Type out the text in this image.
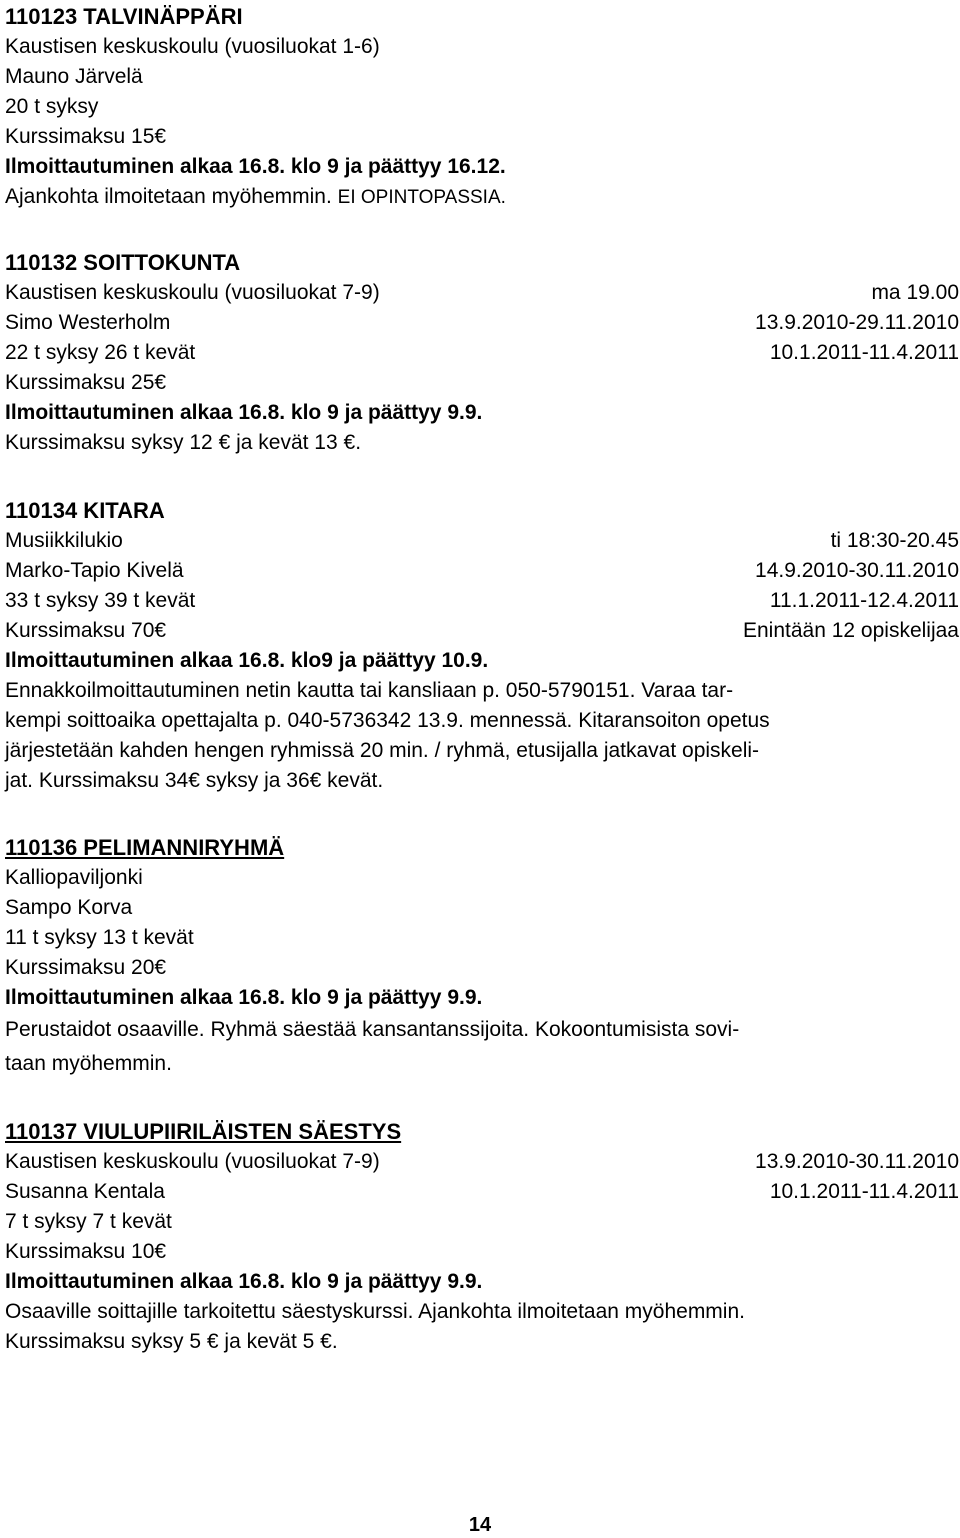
110123 TALVINÄPPÄRI
Kaustisen keskuskoulu (vuosiluokat 1-6)
Mauno Järvelä
20 t syksy
Kurssimaksu 15€
Ilmoittautuminen alkaa 16.8. klo 9 ja päättyy 16.12.
Ajankohta ilmoitetaan myöhemmin. EI OPINTOPASSIA.
110132 SOITTOKUNTA
Kaustisen keskuskoulu (vuosiluokat 7-9)	ma 19.00
Simo Westerholm	13.9.2010-29.11.2010
22 t syksy 26 t kevät	10.1.2011-11.4.2011
Kurssimaksu 25€
Ilmoittautuminen alkaa 16.8. klo 9 ja päättyy 9.9.
Kurssimaksu syksy 12 € ja kevät 13 €.
110134 KITARA
Musiikkilukio	ti 18:30-20.45
Marko-Tapio Kivelä	14.9.2010-30.11.2010
33 t syksy 39 t kevät	11.1.2011-12.4.2011
Kurssimaksu 70€	Enintään 12 opiskelijaa
Ilmoittautuminen alkaa 16.8. klo9 ja päättyy 10.9.
Ennakkoilmoittautuminen netin kautta tai kansliaan p. 050-5790151. Varaa tar-
kempi soittoaika opettajalta p. 040-5736342 13.9. mennessä. Kitaransoiton opetus
järjestetään kahden hengen ryhmissä 20 min. / ryhmä, etusijalla jatkavat opiskeli-
jat. Kurssimaksu 34€ syksy ja 36€ kevät.
110136 PELIMANNIRYHMÄ
Kalliopaviljonki
Sampo Korva
11 t syksy 13 t kevät
Kurssimaksu 20€
Ilmoittautuminen alkaa 16.8. klo 9 ja päättyy 9.9.
Perustaidot osaaville. Ryhmä säestää kansantanssijoita. Kokoontumisista sovi-
taan myöhemmin.
110137 VIULUPIIRILÄISTEN SÄESTYS
Kaustisen keskuskoulu (vuosiluokat 7-9)	13.9.2010-30.11.2010
Susanna Kentala	10.1.2011-11.4.2011
7 t syksy 7 t kevät
Kurssimaksu 10€
Ilmoittautuminen alkaa 16.8. klo 9 ja päättyy 9.9.
Osaaville soittajille tarkoitettu säestyskurssi. Ajankohta ilmoitetaan myöhemmin.
Kurssimaksu syksy 5 € ja kevät 5 €.
14
